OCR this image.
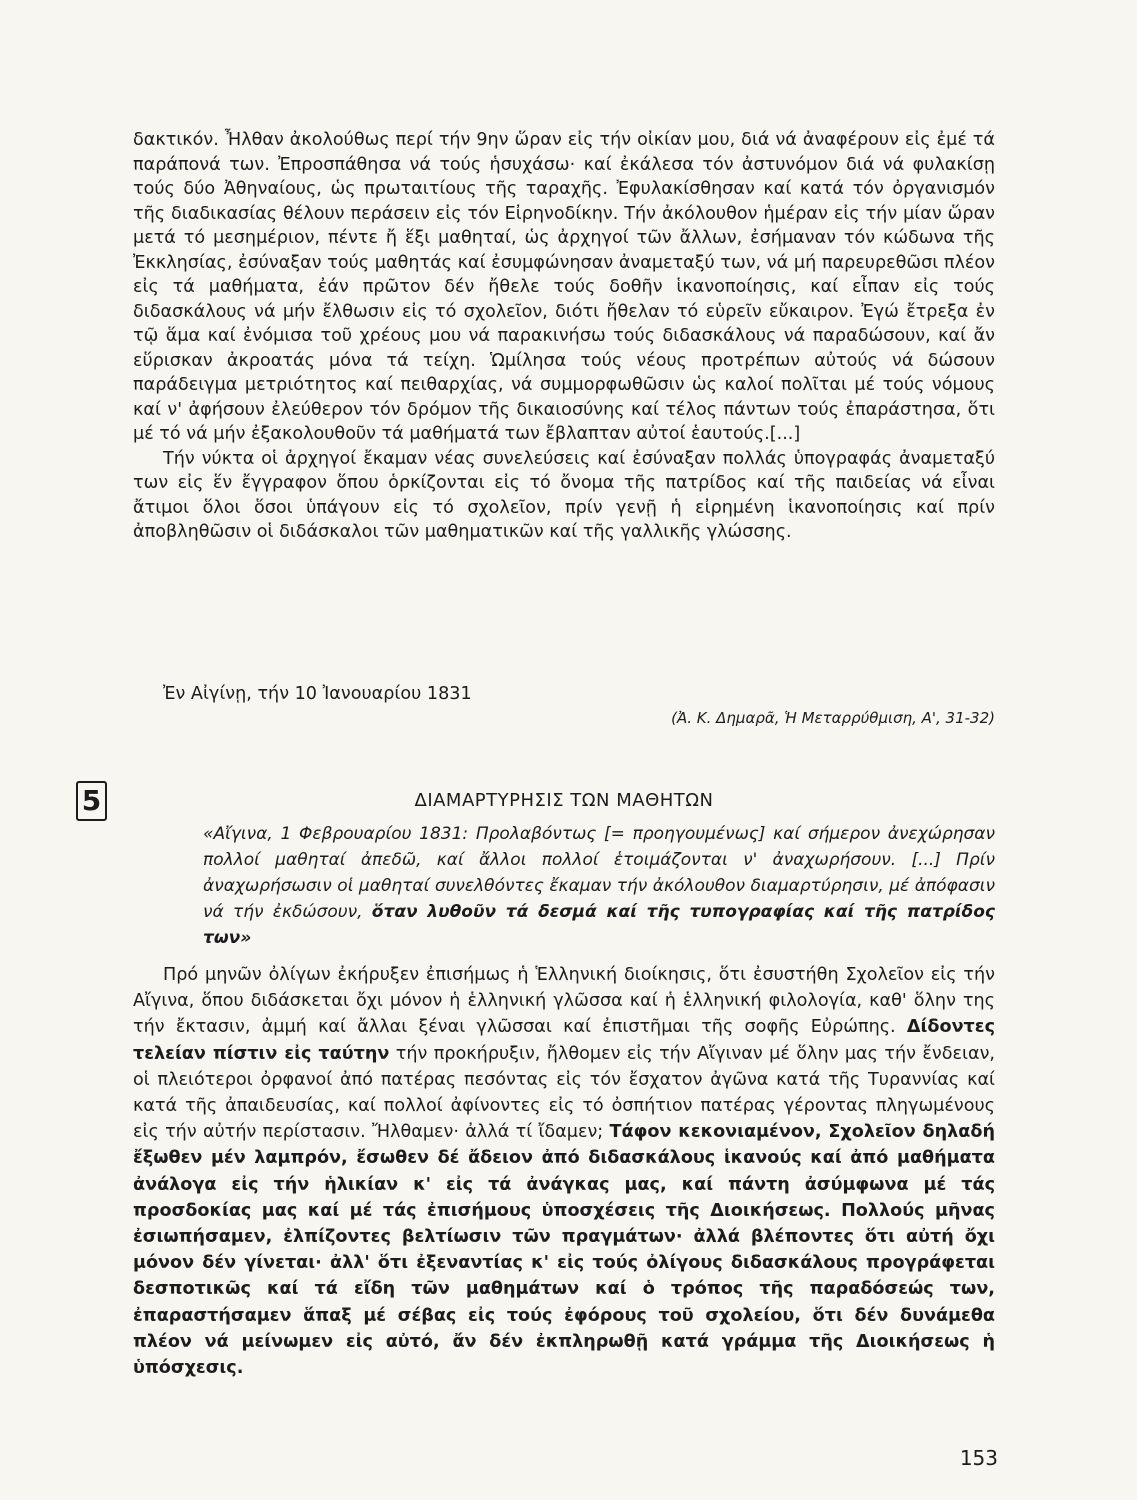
δακτικόν. Ἦλθαν ἀκολούθως περί τήν 9ην ὥραν εἰς τήν οἰκίαν μου, διά νά ἀναφέρουν εἰς ἐμέ τά παράπονά των. Ἐπροσπάθησα νά τούς ἡσυχάσω· καί ἐκάλεσα τόν ἀστυνόμον διά νά φυλακίσῃ τούς δύο Ἀθηναίους, ὡς πρωταιτίους τῆς ταραχῆς. Ἐφυλακίσθησαν καί κατά τόν ὀργανισμόν τῆς διαδικασίας θέλουν περάσειν εἰς τόν Εἰρηνοδίκην. Τήν ἀκόλουθον ἡμέραν εἰς τήν μίαν ὥραν μετά τό μεσημέριον, πέντε ἤ ἕξι μαθηταί, ὡς ἀρχηγοί τῶν ἄλλων, ἐσήμαναν τόν κώδωνα τῆς Ἐκκλησίας, ἐσύναξαν τούς μαθητάς καί ἐσυμφώνησαν ἀναμεταξύ των, νά μή παρευρεθῶσι πλέον εἰς τά μαθήματα, ἐάν πρῶτον δέν ἤθελε τούς δοθῆν ἱκανοποίησις, καί εἶπαν εἰς τούς διδασκάλους νά μήν ἔλθωσιν εἰς τό σχολεῖον, διότι ἤθελαν τό εὑρεῖν εὔκαιρον. Ἐγώ ἔτρεξα ἐν τῷ ἅμα καί ἐνόμισα τοῦ χρέους μου νά παρακινήσω τούς διδασκάλους νά παραδώσουν, καί ἄν εὕρισκαν ἀκροατάς μόνα τά τείχη. Ὡμίλησα τούς νέους προτρέπων αὐτούς νά δώσουν παράδειγμα μετριότητος καί πειθαρχίας, νά συμμορφωθῶσιν ὡς καλοί πολῖται μέ τούς νόμους καί ν' ἀφήσουν ἐλεύθερον τόν δρόμον τῆς δικαιοσύνης καί τέλος πάντων τούς ἐπαράστησα, ὅτι μέ τό νά μήν ἐξακολουθοῦν τά μαθήματά των ἔβλαπταν αὐτοί ἑαυτούς.[...]

Τήν νύκτα οἱ ἀρχηγοί ἔκαμαν νέας συνελεύσεις καί ἐσύναξαν πολλάς ὑπογραφάς ἀναμεταξύ των εἰς ἕν ἔγγραφον ὅπου ὁρκίζονται εἰς τό ὄνομα τῆς πατρίδος καί τῆς παιδείας νά εἶναι ἄτιμοι ὅλοι ὅσοι ὑπάγουν εἰς τό σχολεῖον, πρίν γενῇ ἡ εἰρημένη ἱκανοποίησις καί πρίν ἀποβληθῶσιν οἱ διδάσκαλοι τῶν μαθηματικῶν καί τῆς γαλλικῆς γλώσσης.

Ἐν Αἰγίνῃ, τήν 10 Ἰανουαρίου 1831
(Ἀ. Κ. Δημαρᾶ, Ἡ Μεταρρύθμιση, Α', 31-32)
5	ΔΙΑΜΑΡΤΥΡΗΣΙΣ ΤΩΝ ΜΑΘΗΤΩΝ
«Αἴγινα, 1 Φεβρουαρίου 1831: Προλαβόντως [= προηγουμένως] καί σήμερον ἀνεχώρησαν πολλοί μαθηταί ἀπεδῶ, καί ἄλλοι πολλοί ἑτοιμάζονται ν' ἀναχωρήσουν. [...] Πρίν ἀναχωρήσωσιν οἱ μαθηταί συνελθόντες ἔκαμαν τήν ἀκόλουθον διαμαρτύρησιν, μέ ἀπόφασιν νά τήν ἐκδώσουν, ὅταν λυθοῦν τά δεσμά καί τῆς τυπογραφίας καί τῆς πατρίδος των»

Πρό μηνῶν ὀλίγων ἐκήρυξεν ἐπισήμως ἡ Ἑλληνική διοίκησις, ὅτι ἐσυστήθη Σχολεῖον εἰς τήν Αἴγινα, ὅπου διδάσκεται ὄχι μόνον ἡ ἑλληνική γλῶσσα καί ἡ ἑλληνική φιλολογία, καθ' ὅλην της τήν ἔκτασιν, ἀμμή καί ἄλλαι ξέναι γλῶσσαι καί ἐπιστῆμαι τῆς σοφῆς Εὐρώπης. Δίδοντες τελείαν πίστιν εἰς ταύτην τήν προκήρυξιν, ἤλθομεν εἰς τήν Αἴγιναν μέ ὅλην μας τήν ἔνδειαν, οἱ πλειότεροι ὀρφανοί ἀπό πατέρας πεσόντας εἰς τόν ἔσχατον ἀγῶνα κατά τῆς Τυραννίας καί κατά τῆς ἀπαιδευσίας, καί πολλοί ἀφίνοντες εἰς τό ὀσπήτιον πατέρας γέροντας πληγωμένους εἰς τήν αὐτήν περίστασιν. Ἤλθαμεν· ἀλλά τί ἴδαμεν; Τάφον κεκονιαμένον, Σχολεῖον δηλαδή ἔξωθεν μέν λαμπρόν, ἔσωθεν δέ ἄδειον ἀπό διδασκάλους ἱκανούς καί ἀπό μαθήματα ἀνάλογα εἰς τήν ἡλικίαν κ' εἰς τά ἀνάγκας μας, καί πάντη ἀσύμφωνα μέ τάς προσδοκίας μας καί μέ τάς ἐπισήμους ὑποσχέσεις τῆς Διοικήσεως. Πολλούς μῆνας ἐσιωπήσαμεν, ἐλπίζοντες βελτίωσιν τῶν πραγμάτων· ἀλλά βλέποντες ὅτι αὐτή ὄχι μόνον δέν γίνεται· ἀλλ' ὅτι ἐξεναντίας κ' εἰς τούς ὀλίγους διδασκάλους προγράφεται δεσποτικῶς καί τά εἴδη τῶν μαθημάτων καί ὁ τρόπος τῆς παραδόσεώς των, ἐπαραστήσαμεν ἅπαξ μέ σέβας εἰς τούς ἐφόρους τοῦ σχολείου, ὅτι δέν δυνάμεθα πλέον νά μείνωμεν εἰς αὐτό, ἄν δέν ἐκπληρωθῇ κατά γράμμα τῆς Διοικήσεως ἡ ὑπόσχεσις.

153
